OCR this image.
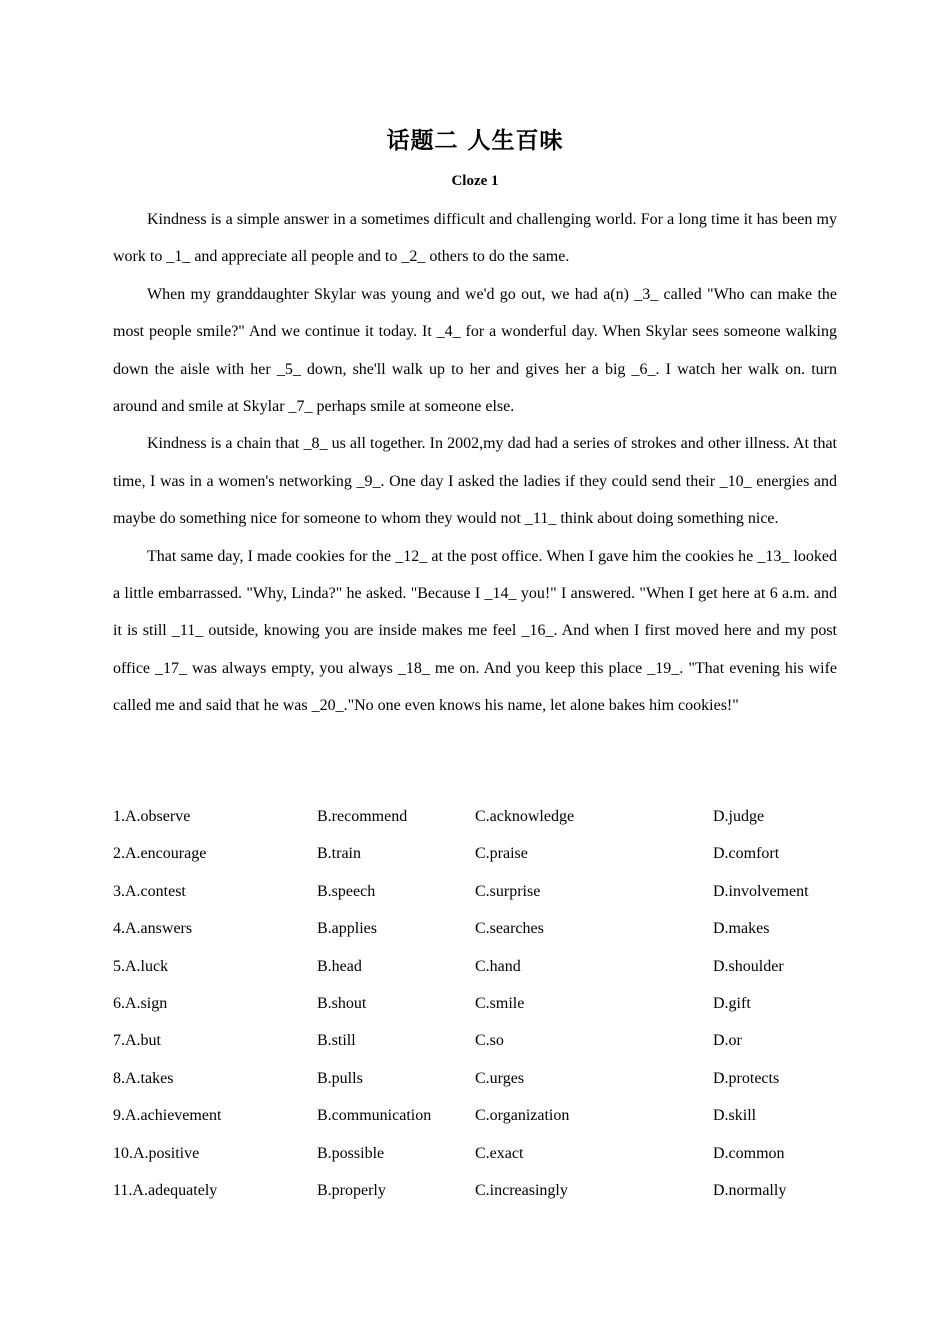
话题二 人生百味
Cloze 1

Kindness is a simple answer in a sometimes difficult and challenging world. For a long time it has been my work to _1_ and appreciate all people and to _2_ others to do the same.

When my granddaughter Skylar was young and we'd go out, we had a(n) _3_ called "Who can make the most people smile?" And we continue it today. It _4_ for a wonderful day. When Skylar sees someone walking down the aisle with her _5_ down, she'll walk up to her and gives her a big _6_. I watch her walk on. turn around and smile at Skylar _7_ perhaps smile at someone else.

Kindness is a chain that _8_ us all together. In 2002,my dad had a series of strokes and other illness. At that time, I was in a women's networking _9_. One day I asked the ladies if they could send their _10_ energies and maybe do something nice for someone to whom they would not _11_ think about doing something nice.

That same day, I made cookies for the _12_ at the post office. When I gave him the cookies he _13_ looked a little embarrassed. "Why, Linda?" he asked. "Because I _14_ you!" I answered. "When I get here at 6 a.m. and it is still _11_ outside, knowing you are inside makes me feel _16_. And when I first moved here and my post office _17_ was always empty, you always _18_ me on. And you keep this place _19_. "That evening his wife called me and said that he was _20_."No one even knows his name, let alone bakes him cookies!"

1.A.observe	B.recommend	C.acknowledge	D.judge
2.A.encourage	B.train	C.praise	D.comfort
3.A.contest	B.speech	C.surprise	D.involvement
4.A.answers	B.applies	C.searches	D.makes
5.A.luck	B.head	C.hand	D.shoulder
6.A.sign	B.shout	C.smile	D.gift
7.A.but	B.still	C.so	D.or
8.A.takes	B.pulls	C.urges	D.protects
9.A.achievement	B.communication	C.organization	D.skill
10.A.positive	B.possible	C.exact	D.common
11.A.adequately	B.properly	C.increasingly	D.normally
